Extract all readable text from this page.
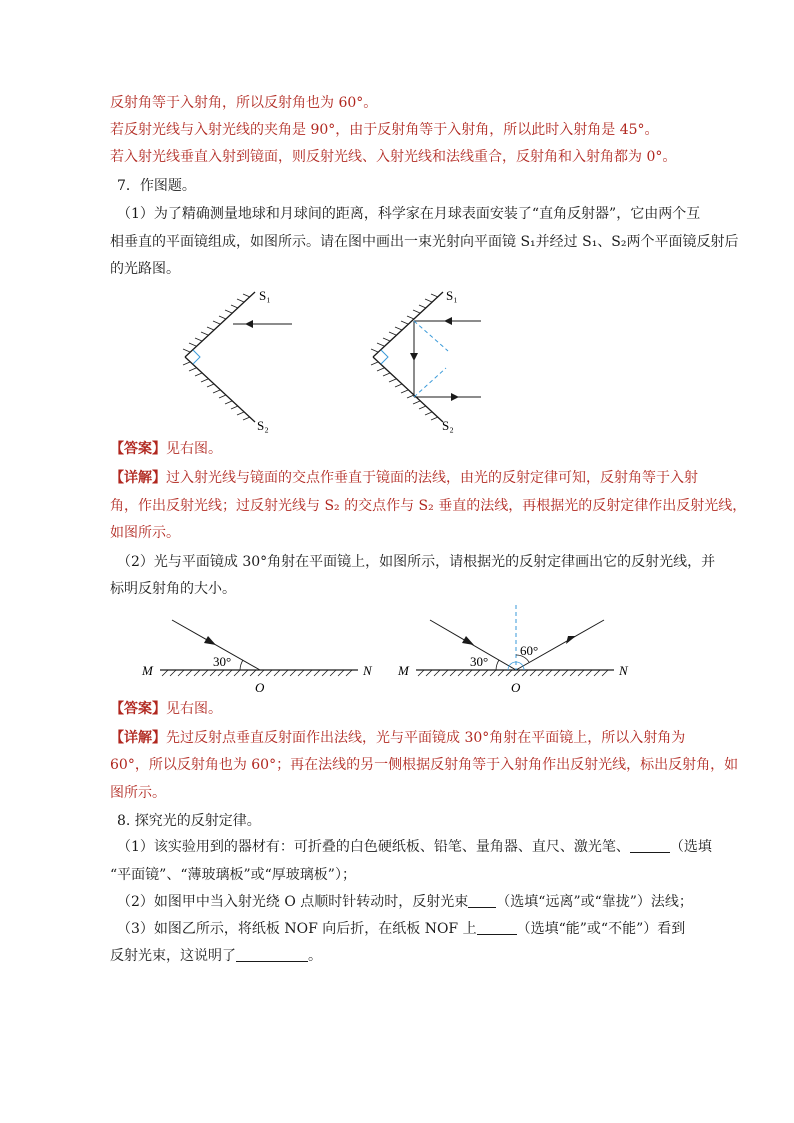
反射角等于入射角，所以反射角也为 60°。
若反射光线与入射光线的夹角是 90°，由于反射角等于入射角，所以此时入射角是 45°。
若入射光线垂直入射到镜面，则反射光线、入射光线和法线重合，反射角和入射角都为 0°。
7．作图题。
（1）为了精确测量地球和月球间的距离，科学家在月球表面安装了“直角反射器”，它由两个互
相垂直的平面镜组成，如图所示。请在图中画出一束光射向平面镜 S₁并经过 S₁、S₂两个平面镜反射后
的光路图。
S₁
S₂
S₁
S₂
【答案】见右图。
【详解】过入射光线与镜面的交点作垂直于镜面的法线，由光的反射定律可知，反射角等于入射
角，作出反射光线；过反射光线与 S₂ 的交点作与 S₂ 垂直的法线，再根据光的反射定律作出反射光线，
如图所示。
（2）光与平面镜成 30°角射在平面镜上，如图所示，请根据光的反射定律画出它的反射光线，并
标明反射角的大小。
30°
M	N
O
30°
60°
M	N
O
【答案】见右图。
【详解】先过反射点垂直反射面作出法线，光与平面镜成 30°角射在平面镜上，所以入射角为
60°，所以反射角也为 60°；再在法线的另一侧根据反射角等于入射角作出反射光线，标出反射角，如
图所示。
8. 探究光的反射定律。
（1）该实验用到的器材有：可折叠的白色硬纸板、铅笔、量角器、直尺、激光笔、	（选填
“平面镜”、“薄玻璃板”或“厚玻璃板”）；
（2）如图甲中当入射光绕 O 点顺时针转动时，反射光束 （选填“远离”或“靠拢”）法线；
（3）如图乙所示，将纸板 NOF 向后折，在纸板 NOF 上	（选填“能”或“不能”）看到
反射光束，这说明了	。
